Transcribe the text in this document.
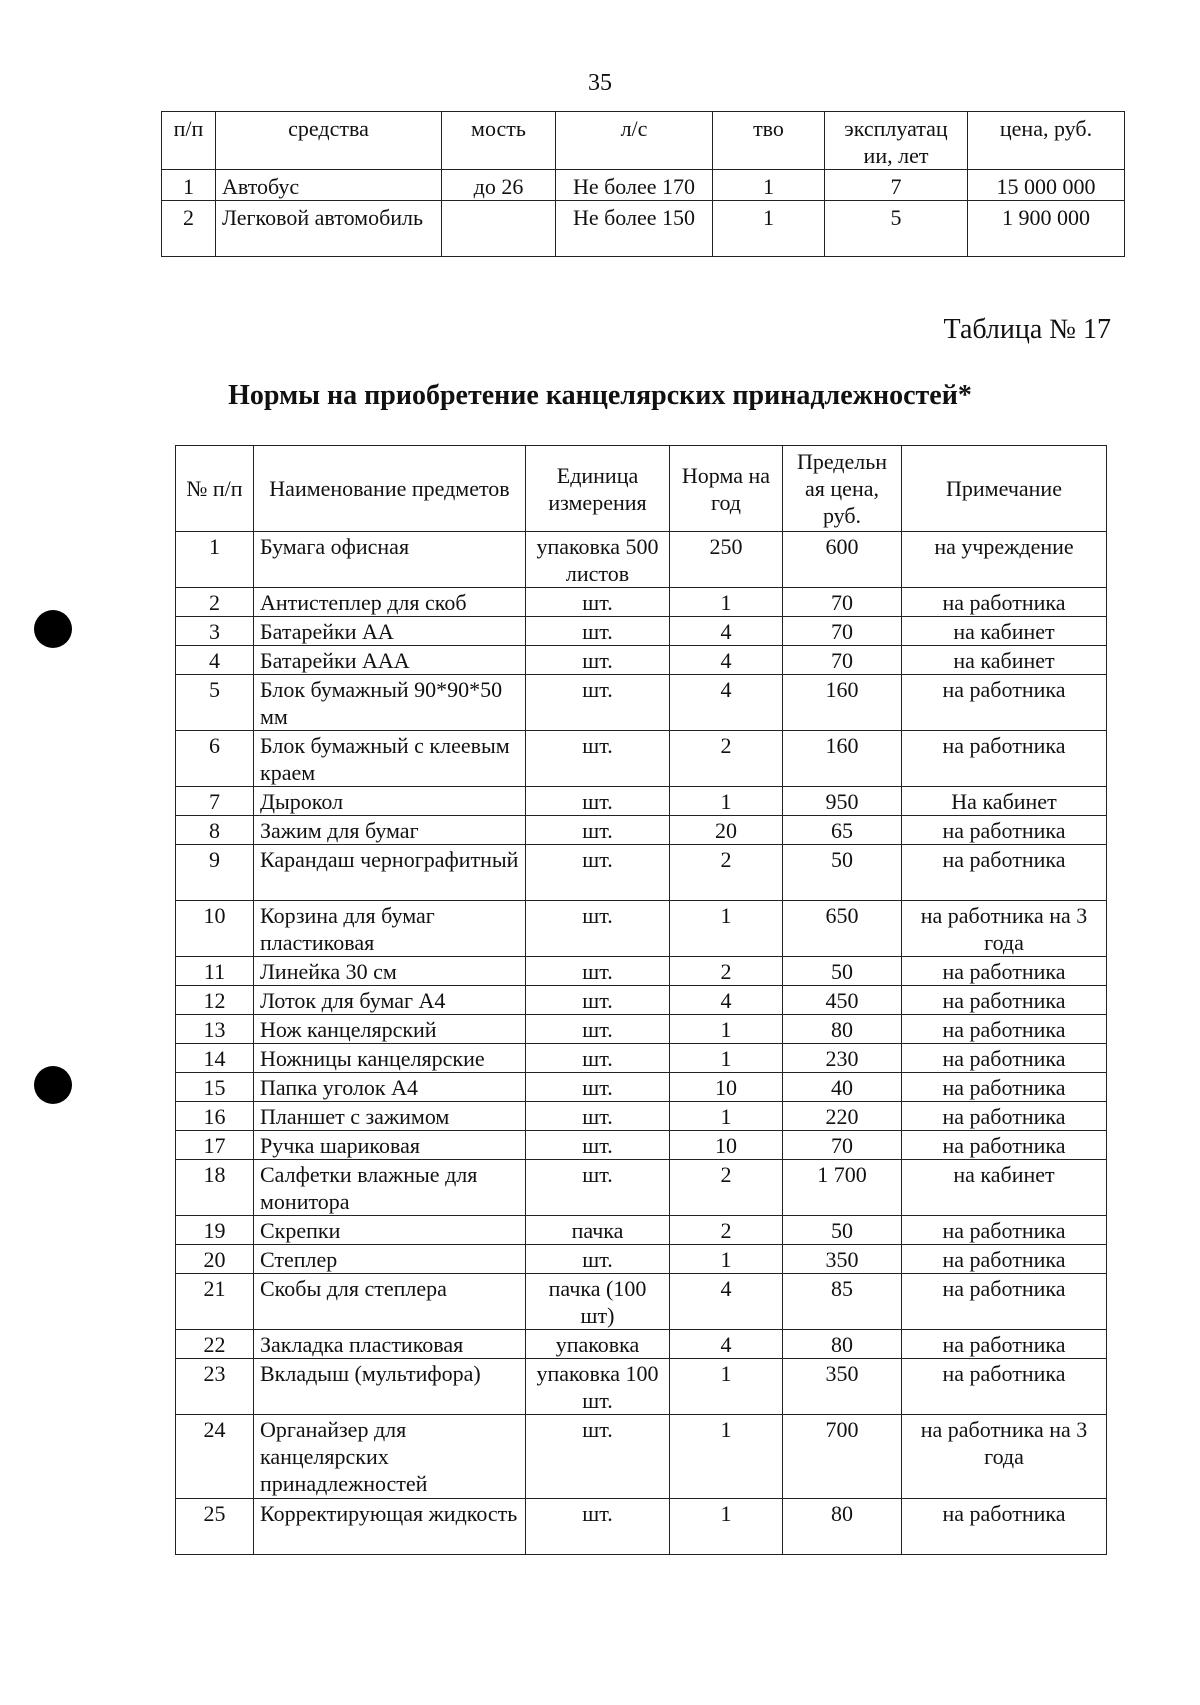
35
п/п	средства	мость	л/с	тво	эксплуатац ии, лет	цена, руб.
1	Автобус	до 26	Не более 170	1	7	15 000 000
2	Легковой автомобиль		Не более 150	1	5	1 900 000
Таблица № 17
Нормы на приобретение канцелярских принадлежностей*
№ п/п	Наименование предметов	Единица измерения	Норма на год	Предельн ая цена, руб.	Примечание
1	Бумага офисная	упаковка 500 листов	250	600	на учреждение
2	Антистеплер для скоб	шт.	1	70	на работника
3	Батарейки АА	шт.	4	70	на кабинет
4	Батарейки ААА	шт.	4	70	на кабинет
5	Блок бумажный 90*90*50 мм	шт.	4	160	на работника
6	Блок бумажный с клеевым краем	шт.	2	160	на работника
7	Дырокол	шт.	1	950	На кабинет
8	Зажим для бумаг	шт.	20	65	на работника
9	Карандаш чернографитный	шт.	2	50	на работника
10	Корзина для бумаг пластиковая	шт.	1	650	на работника на 3 года
11	Линейка 30 см	шт.	2	50	на работника
12	Лоток для бумаг А4	шт.	4	450	на работника
13	Нож канцелярский	шт.	1	80	на работника
14	Ножницы канцелярские	шт.	1	230	на работника
15	Папка уголок А4	шт.	10	40	на работника
16	Планшет с зажимом	шт.	1	220	на работника
17	Ручка шариковая	шт.	10	70	на работника
18	Салфетки влажные для монитора	шт.	2	1 700	на кабинет
19	Скрепки	пачка	2	50	на работника
20	Степлер	шт.	1	350	на работника
21	Скобы для степлера	пачка (100 шт)	4	85	на работника
22	Закладка пластиковая	упаковка	4	80	на работника
23	Вкладыш (мультифора)	упаковка 100 шт.	1	350	на работника
24	Органайзер для канцелярских принадлежностей	шт.	1	700	на работника на 3 года
25	Корректирующая жидкость	шт.	1	80	на работника
